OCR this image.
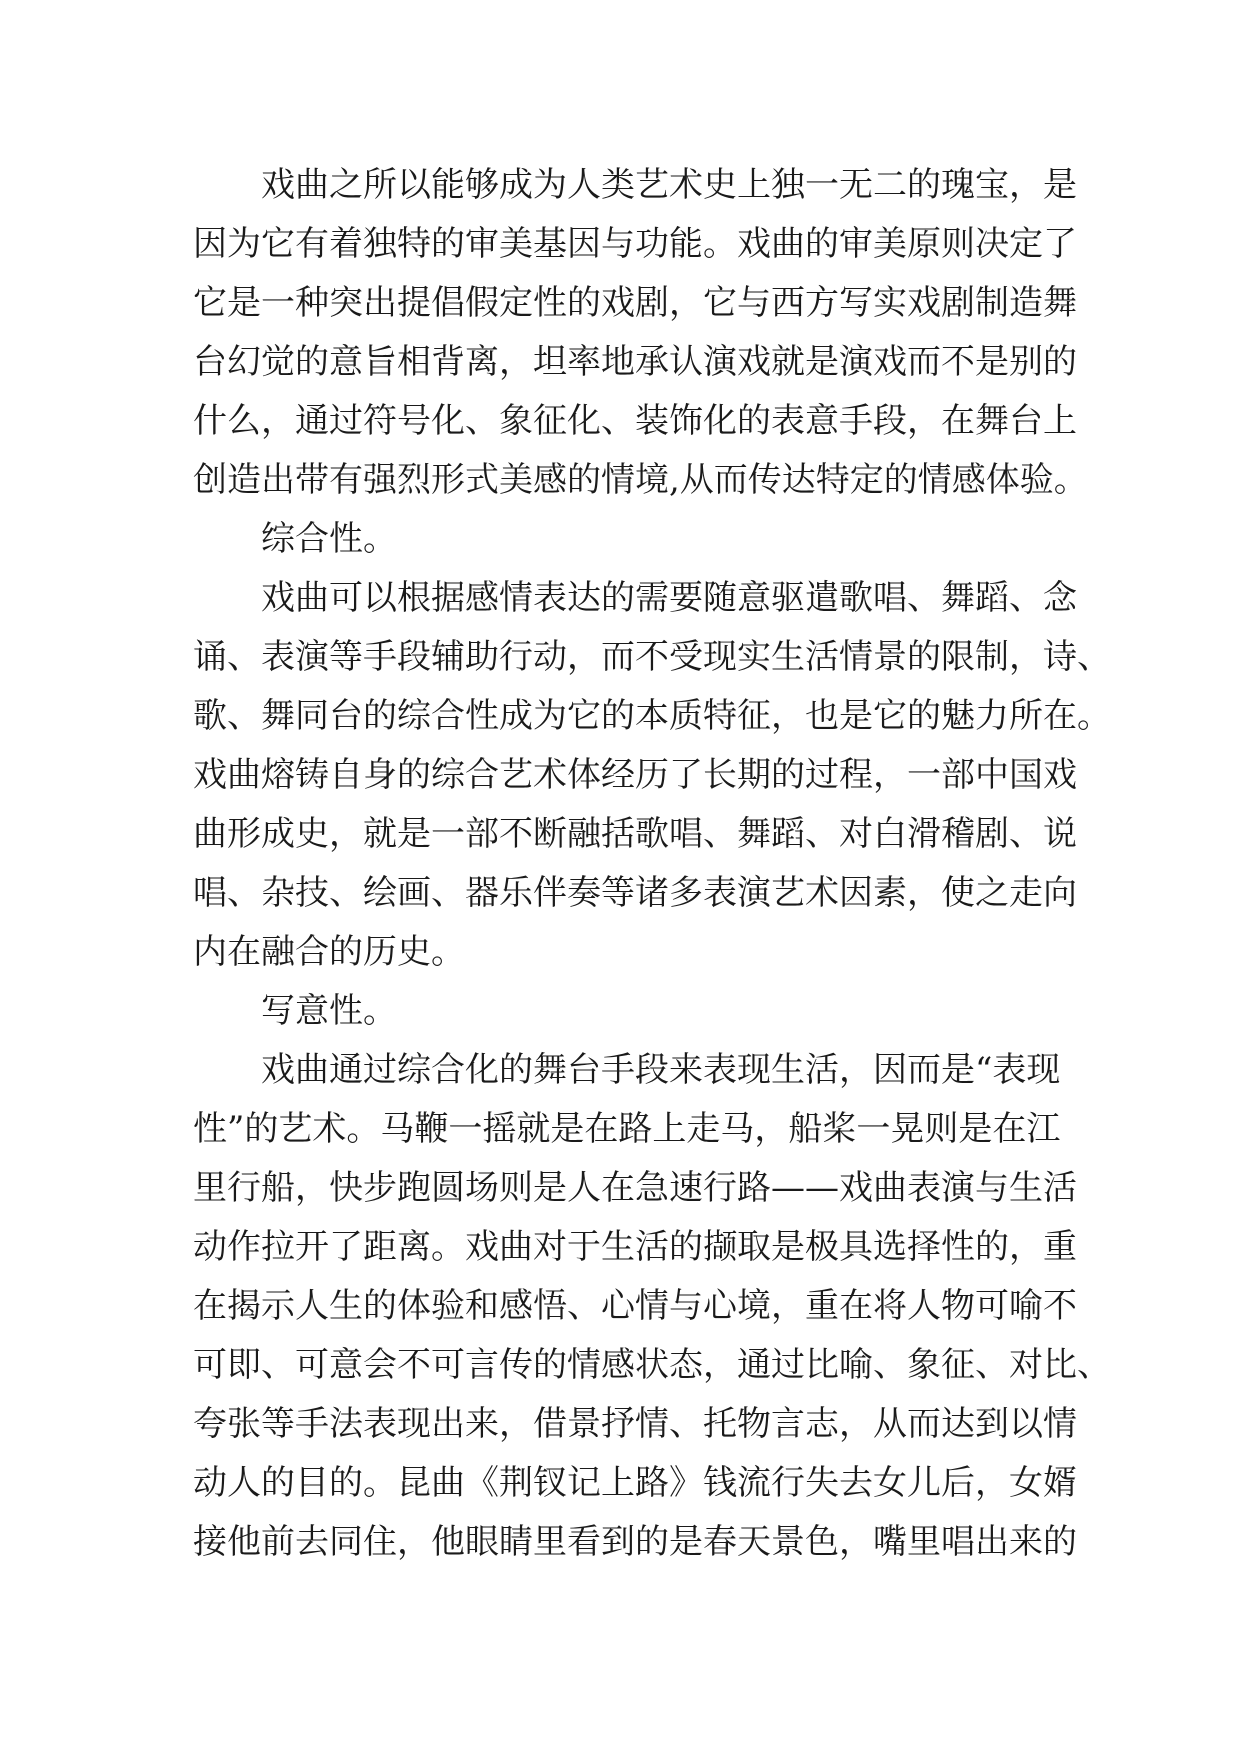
戏曲之所以能够成为人类艺术史上独一无二的瑰宝，是
因为它有着独特的审美基因与功能。戏曲的审美原则决定了
它是一种突出提倡假定性的戏剧，它与西方写实戏剧制造舞
台幻觉的意旨相背离，坦率地承认演戏就是演戏而不是别的
什么，通过符号化、象征化、装饰化的表意手段，在舞台上
创造出带有强烈形式美感的情境,从而传达特定的情感体验。
综合性。
戏曲可以根据感情表达的需要随意驱遣歌唱、舞蹈、念
诵、表演等手段辅助行动，而不受现实生活情景的限制，诗、
歌、舞同台的综合性成为它的本质特征，也是它的魅力所在。
戏曲熔铸自身的综合艺术体经历了长期的过程，一部中国戏
曲形成史，就是一部不断融括歌唱、舞蹈、对白滑稽剧、说
唱、杂技、绘画、器乐伴奏等诸多表演艺术因素，使之走向
内在融合的历史。
写意性。
戏曲通过综合化的舞台手段来表现生活，因而是“表现
性”的艺术。马鞭一摇就是在路上走马，船桨一晃则是在江
里行船，快步跑圆场则是人在急速行路——戏曲表演与生活
动作拉开了距离。戏曲对于生活的撷取是极具选择性的，重
在揭示人生的体验和感悟、心情与心境，重在将人物可喻不
可即、可意会不可言传的情感状态，通过比喻、象征、对比、
夸张等手法表现出来，借景抒情、托物言志，从而达到以情
动人的目的。昆曲《荆钗记上路》钱流行失去女儿后，女婿
接他前去同住，他眼睛里看到的是春天景色，嘴里唱出来的
